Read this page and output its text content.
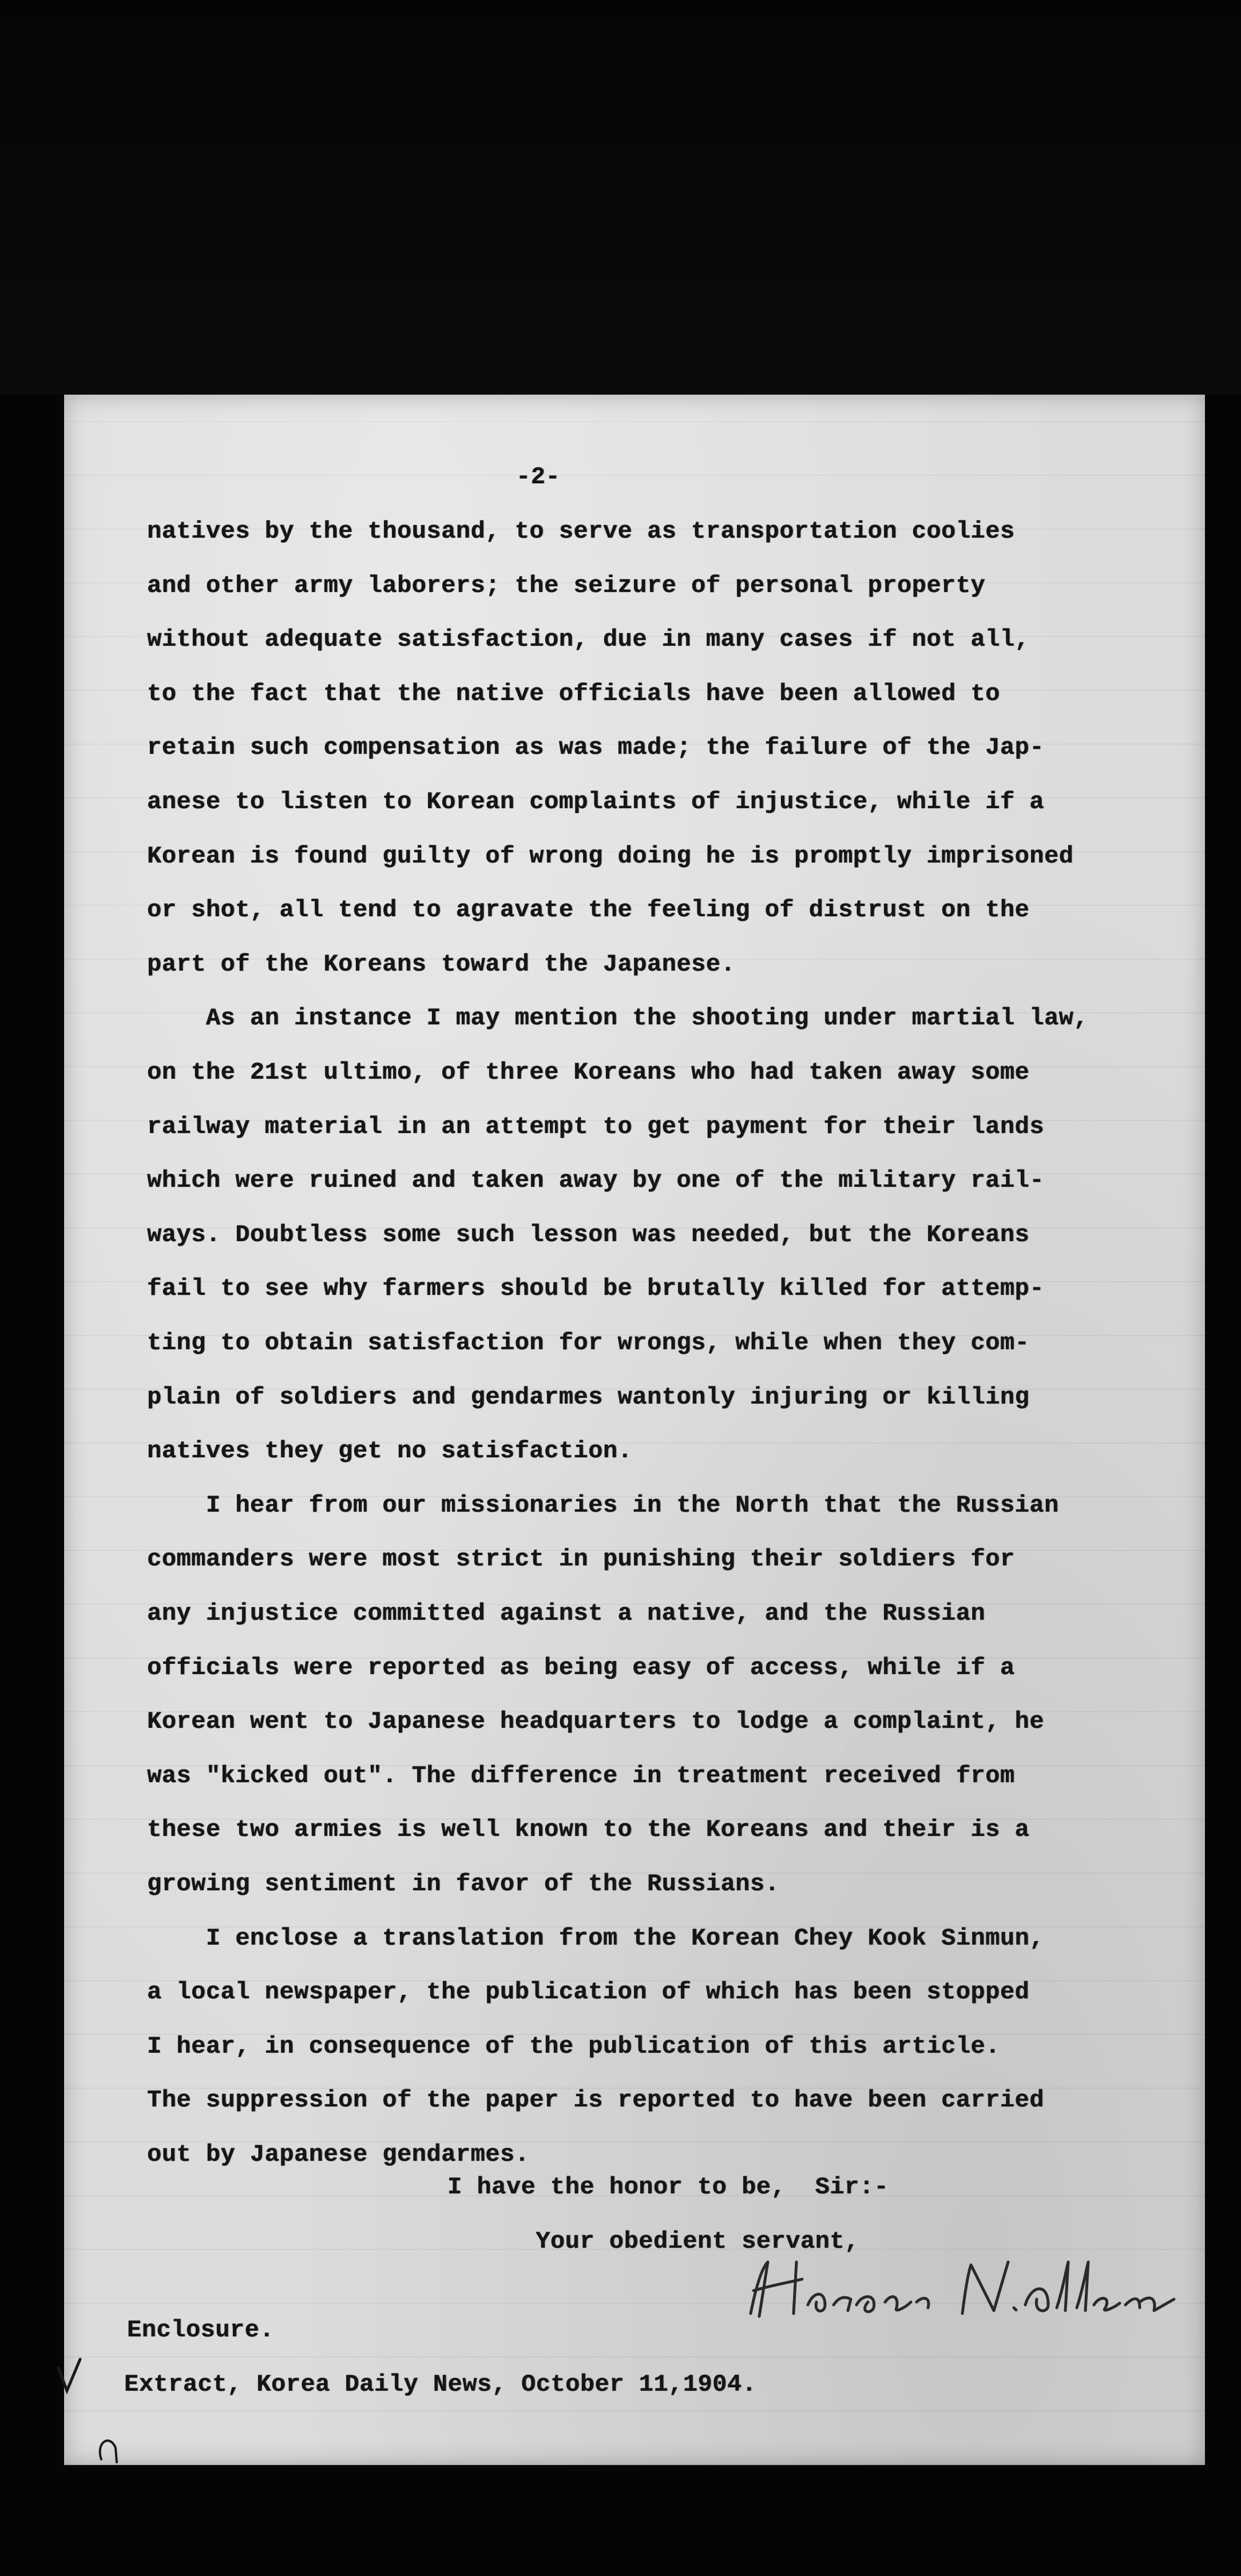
-2-
natives by the thousand, to serve as transportation coolies
and other army laborers; the seizure of personal property
without adequate satisfaction, due in many cases if not all,
to the fact that the native officials have been allowed to
retain such compensation as was made; the failure of the Jap-
anese to listen to Korean complaints of injustice, while if a
Korean is found guilty of wrong doing he is promptly imprisoned
or shot, all tend to agravate the feeling of distrust on the
part of the Koreans toward the Japanese.
As an instance I may mention the shooting under martial law,
on the 21st ultimo, of three Koreans who had taken away some
railway material in an attempt to get payment for their lands
which were ruined and taken away by one of the military rail-
ways. Doubtless some such lesson was needed, but the Koreans
fail to see why farmers should be brutally killed for attemp-
ting to obtain satisfaction for wrongs, while when they com-
plain of soldiers and gendarmes wantonly injuring or killing
natives they get no satisfaction.
I hear from our missionaries in the North that the Russian
commanders were most strict in punishing their soldiers for
any injustice committed against a native, and the Russian
officials were reported as being easy of access, while if a
Korean went to Japanese headquarters to lodge a complaint, he
was "kicked out". The difference in treatment received from
these two armies is well known to the Koreans and their is a
growing sentiment in favor of the Russians.
I enclose a translation from the Korean Chey Kook Sinmun,
a local newspaper, the publication of which has been stopped
I hear, in consequence of the publication of this article.
The suppression of the paper is reported to have been carried
out by Japanese gendarmes.
I have the honor to be,  Sir:-
Your obedient servant,
Enclosure.
Extract, Korea Daily News, October 11,1904.
